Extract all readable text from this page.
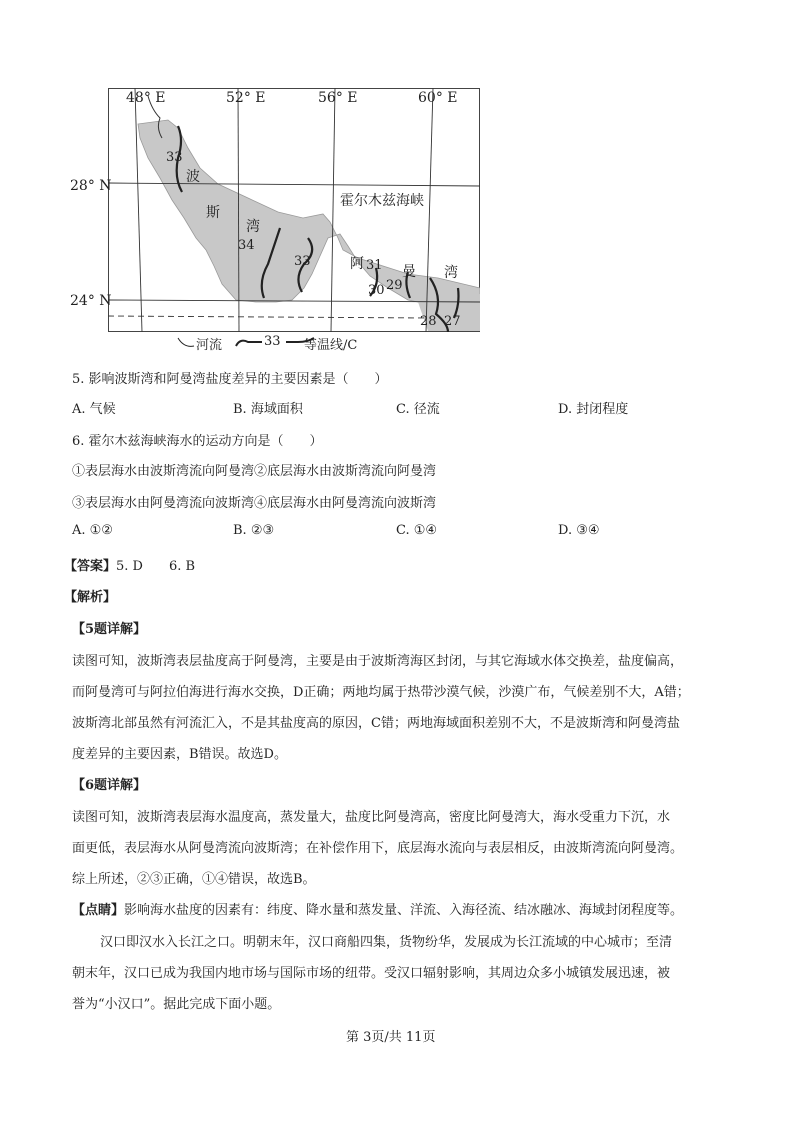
48° E	52° E	56° E	60° E
28° N
24° N
波
斯
湾
霍尔木兹海峡
阿	曼 湾
33
34
33	31
30 29
28 27
河流	33 等温线/C
5. 影响波斯湾和阿曼湾盐度差异的主要因素是（　　）
A. 气候	B. 海域面积	C. 径流	D. 封闭程度
6. 霍尔木兹海峡海水的运动方向是（　　）
①表层海水由波斯湾流向阿曼湾②底层海水由波斯湾流向阿曼湾
③表层海水由阿曼湾流向波斯湾④底层海水由阿曼湾流向波斯湾
A. ①②	B. ②③	C. ①④	D. ③④
【答案】5. D　　6. B
【解析】
【5题详解】
读图可知，波斯湾表层盐度高于阿曼湾，主要是由于波斯湾海区封闭，与其它海域水体交换差，盐度偏高，
而阿曼湾可与阿拉伯海进行海水交换，D正确；两地均属于热带沙漠气候，沙漠广布，气候差别不大，A错；
波斯湾北部虽然有河流汇入，不是其盐度高的原因，C错；两地海域面积差别不大，不是波斯湾和阿曼湾盐
度差异的主要因素，B错误。故选D。
【6题详解】
读图可知，波斯湾表层海水温度高，蒸发量大，盐度比阿曼湾高，密度比阿曼湾大，海水受重力下沉，水
面更低，表层海水从阿曼湾流向波斯湾；在补偿作用下，底层海水流向与表层相反，由波斯湾流向阿曼湾。
综上所述，②③正确，①④错误，故选B。
【点睛】影响海水盐度的因素有：纬度、降水量和蒸发量、洋流、入海径流、结冰融冰、海域封闭程度等。
汉口即汉水入长江之口。明朝末年，汉口商船四集，货物纷华，发展成为长江流域的中心城市；至清
朝末年，汉口已成为我国内地市场与国际市场的纽带。受汉口辐射影响，其周边众多小城镇发展迅速，被
誉为“小汉口”。据此完成下面小题。
第 3页/共 11页
